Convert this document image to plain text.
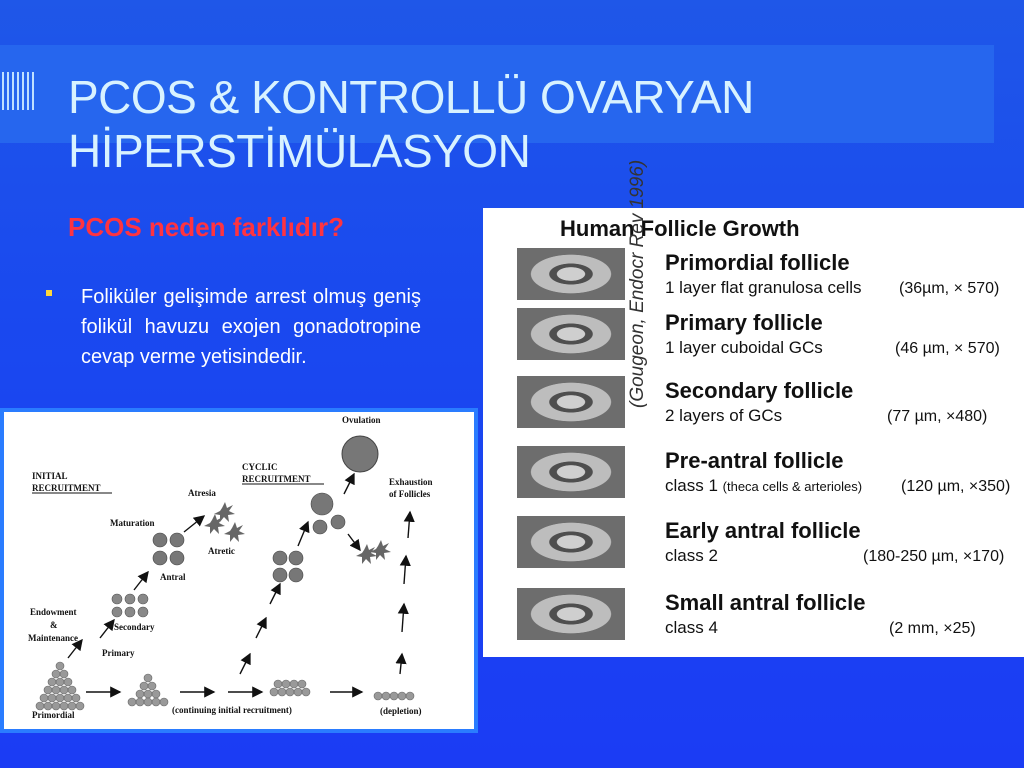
PCOS & KONTROLLÜ OVARYAN
HİPERSTİMÜLASYON
PCOS neden farklıdır?

Foliküler gelişimde arrest olmuş geniş folikül havuzu exojen gonadotropine cevap verme yetisindedir.

INITIAL
RECRUITMENT
CYCLIC
RECRUITMENT
Ovulation
Atresia
Atretic
Maturation
Antral
Secondary
Primary
Endowment
&
Maintenance
Primordial
Exhaustion
of Follicles
(continuing initial recruitment)	(depletion)
Human Follicle Growth
(Gougeon, Endocr Rev 1996) Primordial follicle
1 layer flat granulosa cells (36µm, × 570)
Primary follicle
1 layer cuboidal GCs	(46 µm, × 570)
Secondary follicle
2 layers of GCs	(77 µm, ×480)
Pre-antral follicle
class 1 (theca cells & arterioles) (120 µm, ×350)
Early antral follicle
class 2	(180-250 µm, ×170)
Small antral follicle
class 4	(2 mm, ×25)
